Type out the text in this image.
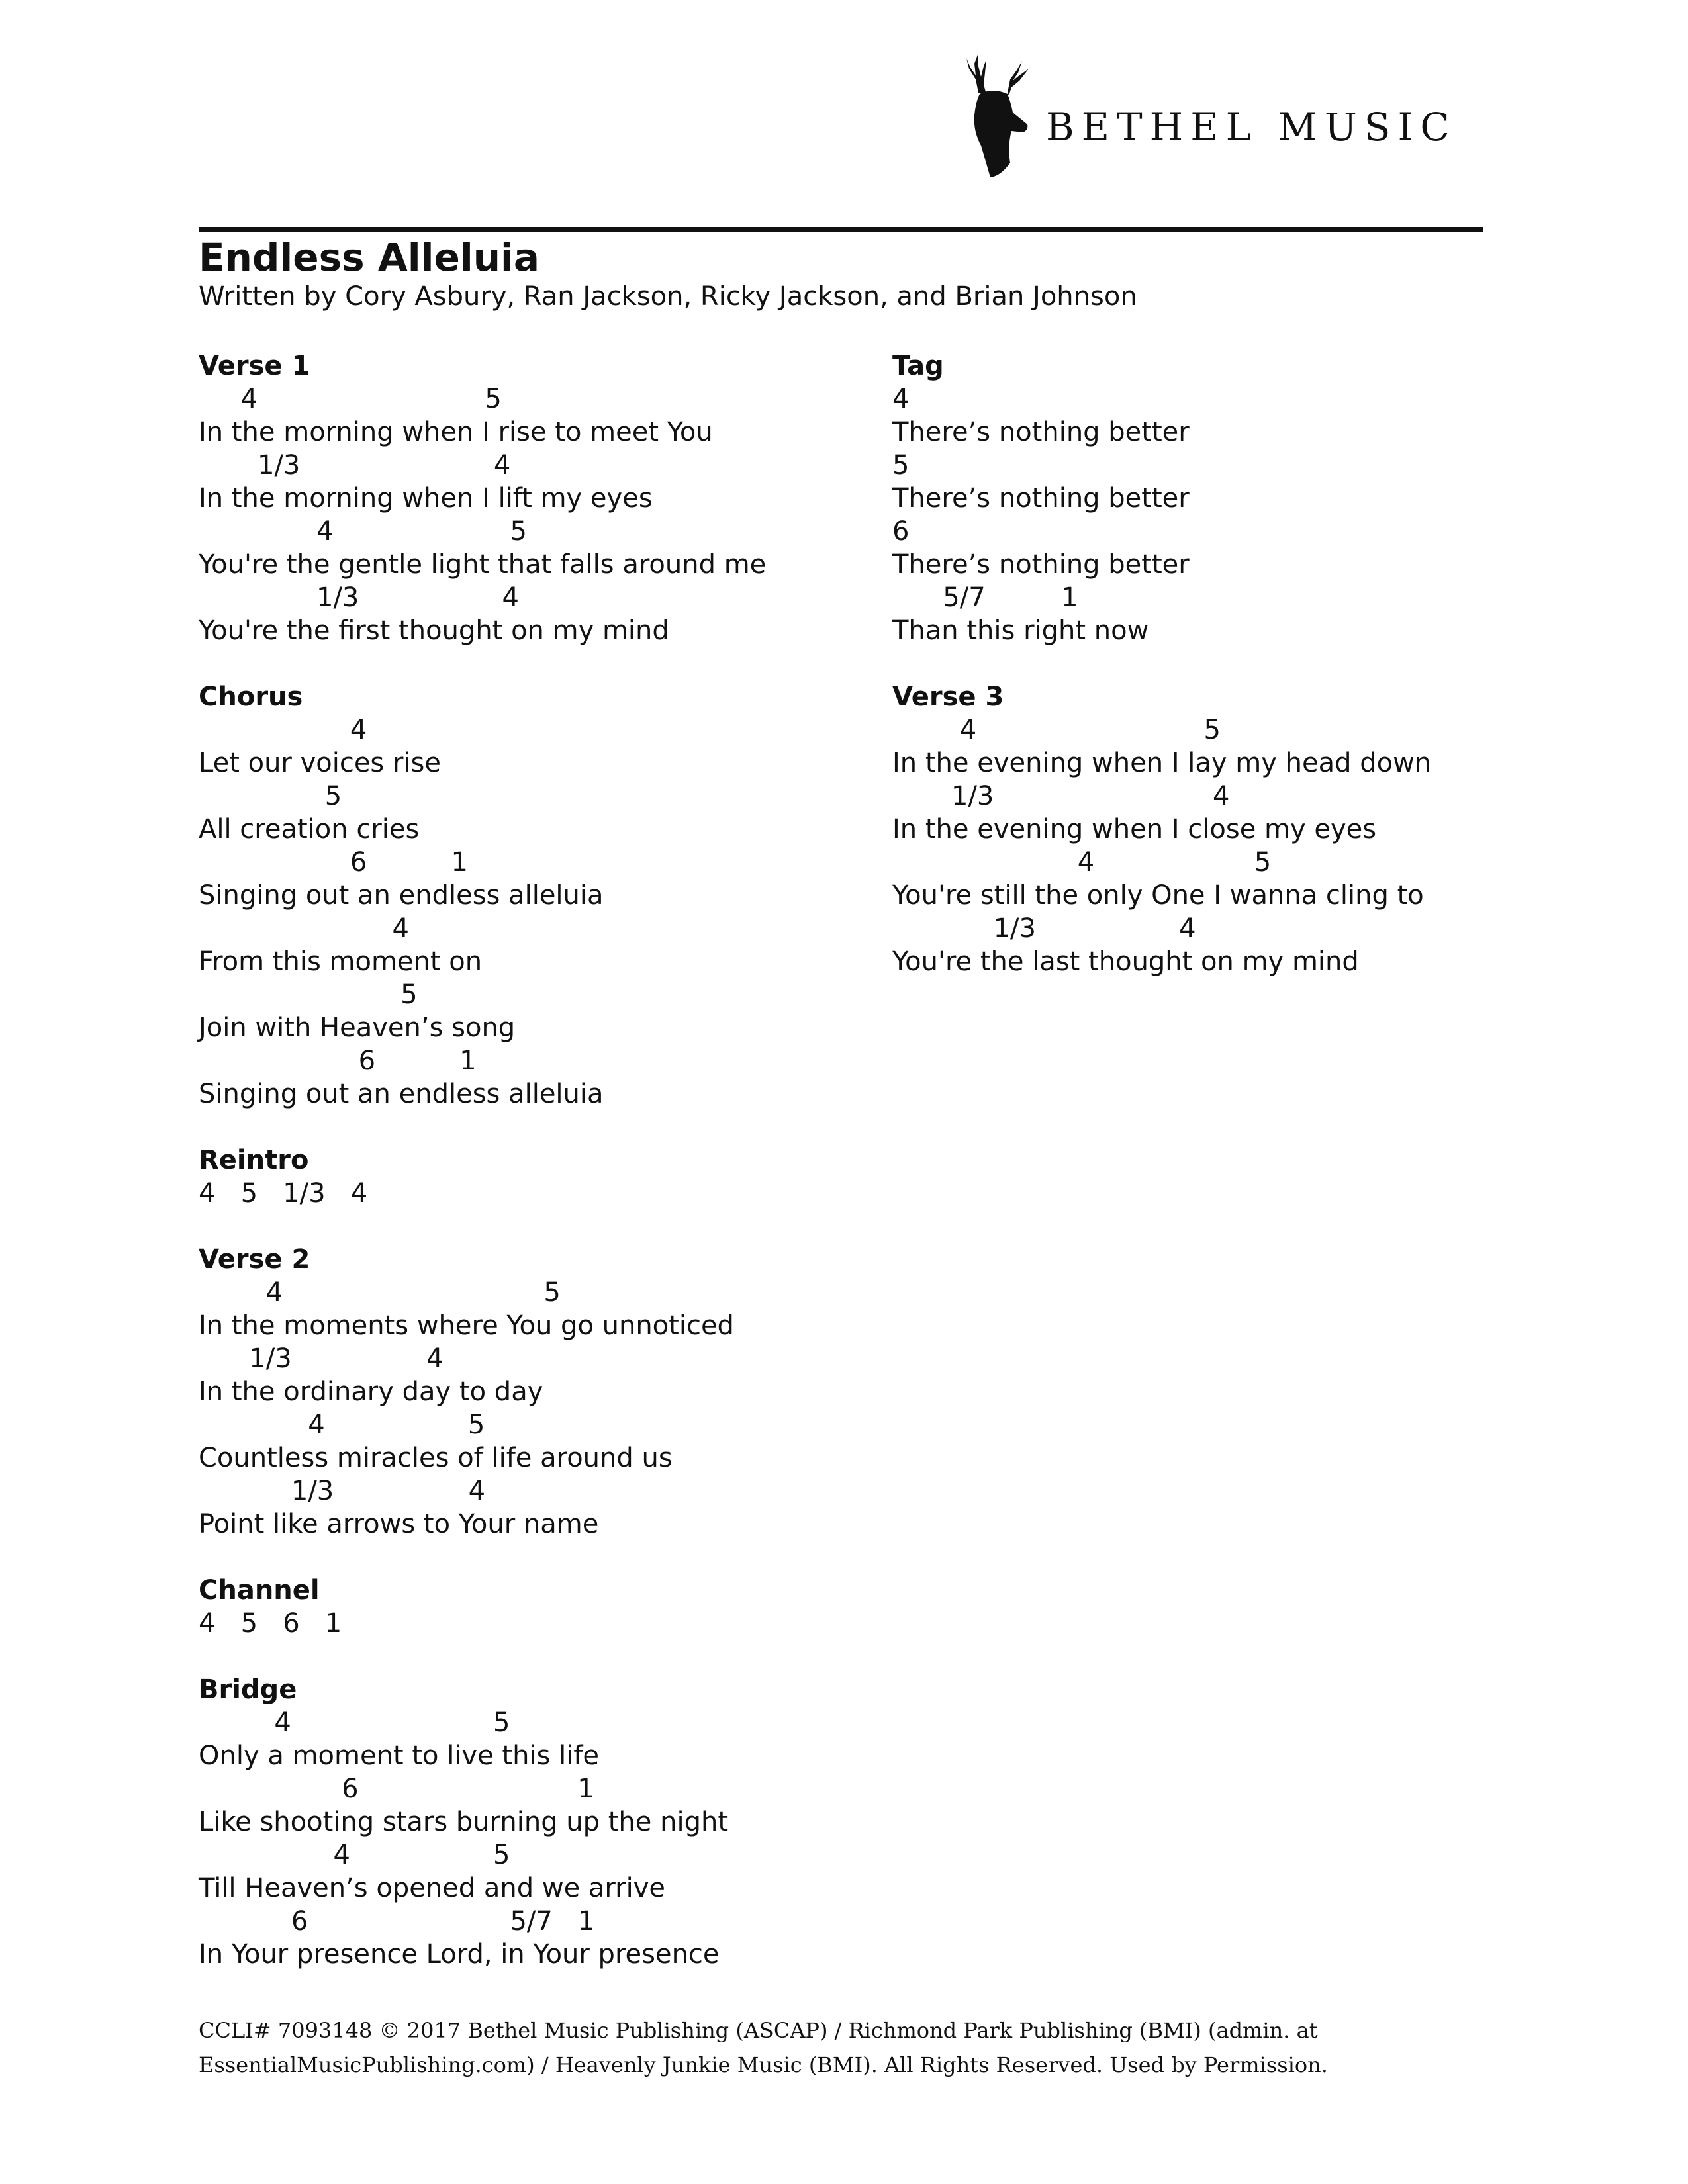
BETHEL MUSIC
Endless Alleluia
Written by Cory Asbury, Ran Jackson, Ricky Jackson, and Brian Johnson
Verse 1
4                           5
In the morning when I rise to meet You
1/3                       4
In the morning when I lift my eyes
4                     5
You're the gentle light that falls around me
1/3                 4
You're the first thought on my mind
Chorus
4
Let our voices rise
5
All creation cries
6          1
Singing out an endless alleluia
4
From this moment on
5
Join with Heaven’s song
6          1
Singing out an endless alleluia
Reintro
4   5   1/3   4
Verse 2
4                               5
In the moments where You go unnoticed
1/3                4
In the ordinary day to day
4                 5
Countless miracles of life around us
1/3                4
Point like arrows to Your name
Channel
4   5   6   1
Bridge
4                        5
Only a moment to live this life
6                          1
Like shooting stars burning up the night
4                 5
Till Heaven’s opened and we arrive
6                        5/7   1
In Your presence Lord, in Your presence
Tag
4
There’s nothing better
5
There’s nothing better
6
There’s nothing better
5/7         1
Than this right now
Verse 3
4                           5
In the evening when I lay my head down
1/3                          4
In the evening when I close my eyes
4                   5
You're still the only One I wanna cling to
1/3                 4
You're the last thought on my mind
CCLI# 7093148 © 2017 Bethel Music Publishing (ASCAP) / Richmond Park Publishing (BMI) (admin. at
EssentialMusicPublishing.com) / Heavenly Junkie Music (BMI). All Rights Reserved. Used by Permission.
